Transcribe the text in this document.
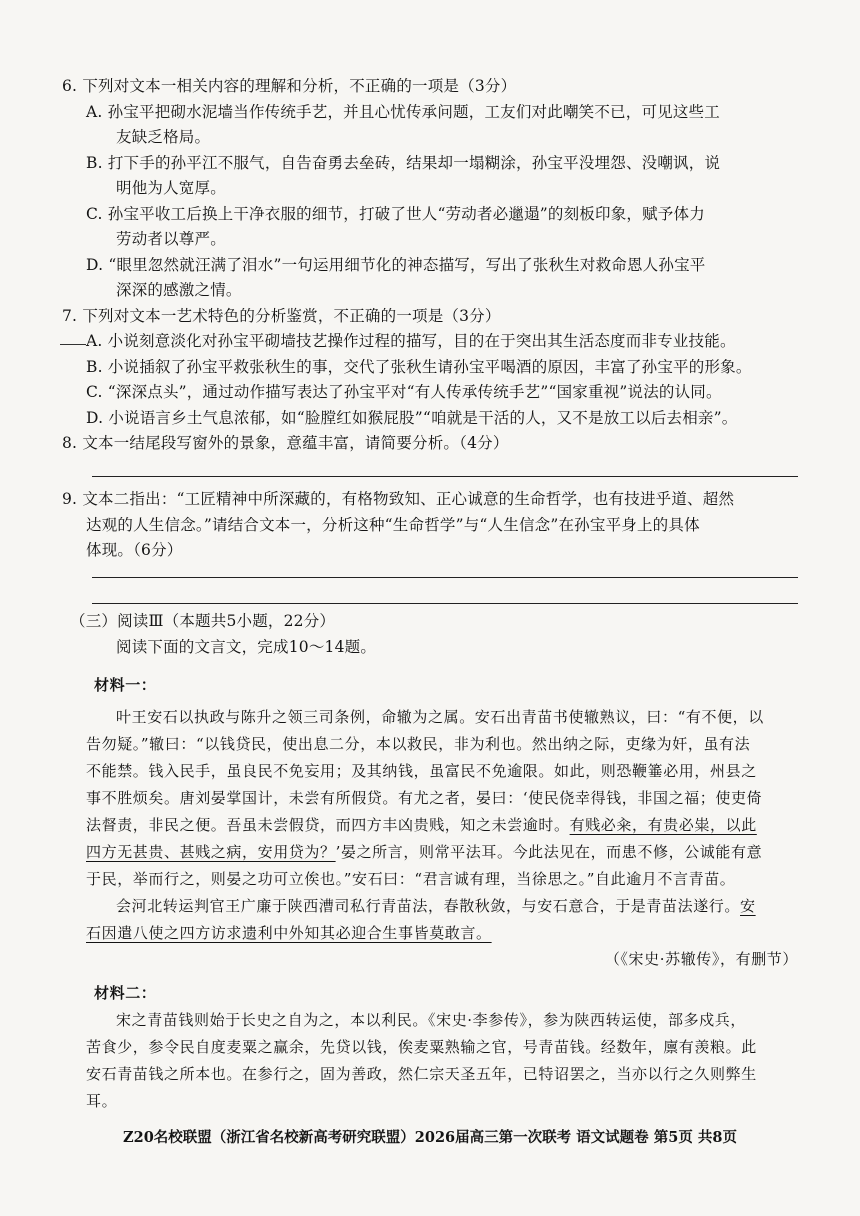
6. 下列对文本一相关内容的理解和分析，不正确的一项是（3分）
A. 孙宝平把砌水泥墙当作传统手艺，并且心忧传承问题，工友们对此嘲笑不已，可见这些工
友缺乏格局。
B. 打下手的孙平江不服气，自告奋勇去垒砖，结果却一塌糊涂，孙宝平没埋怨、没嘲讽，说
明他为人宽厚。
C. 孙宝平收工后换上干净衣服的细节，打破了世人“劳动者必邋遢”的刻板印象，赋予体力
劳动者以尊严。
D. “眼里忽然就汪满了泪水”一句运用细节化的神态描写，写出了张秋生对救命恩人孙宝平
深深的感激之情。
7. 下列对文本一艺术特色的分析鉴赏，不正确的一项是（3分）
A. 小说刻意淡化对孙宝平砌墙技艺操作过程的描写，目的在于突出其生活态度而非专业技能。
B. 小说插叙了孙宝平救张秋生的事，交代了张秋生请孙宝平喝酒的原因，丰富了孙宝平的形象。
C. “深深点头”，通过动作描写表达了孙宝平对“有人传承传统手艺”“国家重视”说法的认同。
D. 小说语言乡土气息浓郁，如“脸膛红如猴屁股”“咱就是干活的人，又不是放工以后去相亲”。
8. 文本一结尾段写窗外的景象，意蕴丰富，请简要分析。（4分）
9. 文本二指出：“工匠精神中所深藏的，有格物致知、正心诚意的生命哲学，也有技进乎道、超然
达观的人生信念。”请结合文本一，分析这种“生命哲学”与“人生信念”在孙宝平身上的具体
体现。（6分）
（三）阅读Ⅲ（本题共5小题，22分）
阅读下面的文言文，完成10～14题。
材料一：
叶王安石以执政与陈升之领三司条例，命辙为之属。安石出青苗书使辙熟议，曰：“有不便，以
告勿疑。”辙曰：“以钱贷民，使出息二分，本以救民，非为利也。然出纳之际，吏缘为奸，虽有法
不能禁。钱入民手，虽良民不免妄用；及其纳钱，虽富民不免逾限。如此，则恐鞭箠必用，州县之
事不胜烦矣。唐刘晏掌国计，未尝有所假贷。有尤之者，晏曰：‘使民侥幸得钱，非国之福；使吏倚
法督责，非民之便。吾虽未尝假贷，而四方丰凶贵贱，知之未尝逾时。有贱必籴，有贵必粜，以此
四方无甚贵、甚贱之病，安用贷为？’晏之所言，则常平法耳。今此法见在，而患不修，公诚能有意
于民，举而行之，则晏之功可立俟也。”安石曰：“君言诚有理，当徐思之。”自此逾月不言青苗。
会河北转运判官王广廉于陕西漕司私行青苗法，春散秋敛，与安石意合，于是青苗法遂行。安
石因遣八使之四方访求遗利中外知其必迎合生事皆莫敢言。
（《宋史·苏辙传》，有删节）
材料二：
宋之青苗钱则始于长史之自为之，本以利民。《宋史·李参传》，参为陕西转运使，部多戍兵，
苦食少，参令民自度麦粟之赢余，先贷以钱，俟麦粟熟输之官，号青苗钱。经数年，廪有羡粮。此
安石青苗钱之所本也。在参行之，固为善政，然仁宗天圣五年，已特诏罢之，当亦以行之久则弊生
耳。
Z20名校联盟（浙江省名校新高考研究联盟）2026届高三第一次联考 语文试题卷 第5页 共8页
